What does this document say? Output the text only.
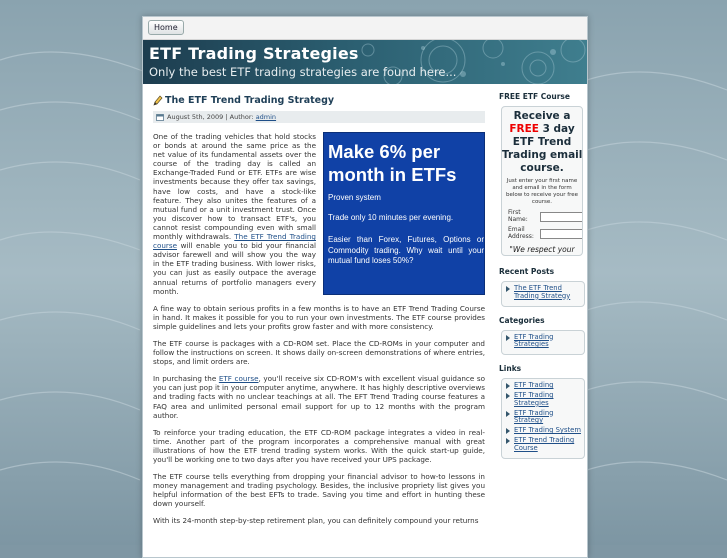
Home
ETF Trading Strategies
Only the best ETF trading strategies are found here...
The ETF Trend Trading Strategy
August 5th, 2009 | Author: admin
Make 6% per
month in ETFs
Proven system
Trade only 10 minutes per evening.
Easier than Forex, Futures, Options or Commodity trading. Why wait until your mutual fund loses 50%?

One of the trading vehicles that hold stocks or bonds at around the same price as the net value of its fundamental assets over the course of the trading day is called an Exchange-Traded Fund or ETF. ETFs are wise investments because they offer tax savings, have low costs, and have a stock-like feature. They also unites the features of a mutual fund or a unit investment trust. Once you discover how to transact ETF's, you cannot resist compounding even with small monthly withdrawals. The ETF Trend Trading course will enable you to bid your financial advisor farewell and will show you the way in the ETF trading business. With lower risks, you can just as easily outpace the average annual returns of portfolio managers every month.

A fine way to obtain serious profits in a few months is to have an ETF Trend Trading Course in hand. It makes it possible for you to run your own investments. The ETF course provides simple guidelines and lets your profits grow faster and with more consistency.

The ETF course is packages with a CD-ROM set. Place the CD-ROMs in your computer and follow the instructions on screen. It shows daily on-screen demonstrations of where entries, stops, and limit orders are.

In purchasing the ETF course, you'll receive six CD-ROM's with excellent visual guidance so you can just pop it in your computer anytime, anywhere. It has highly descriptive overviews and trading facts with no unclear teachings at all. The EFT Trend Trading course features a FAQ area and unlimited personal email support for up to 12 months with the program author.

To reinforce your trading education, the ETF CD-ROM package integrates a video in real-time. Another part of the program incorporates a comprehensive manual with great illustrations of how the ETF trend trading system works. With the quick start-up guide, you'll be working one to two days after you have received your UPS package.

The ETF course tells everything from dropping your financial advisor to how-to lessons in money management and trading psychology. Besides, the inclusive propriety list gives you helpful information of the best EFTs to trade. Saving you time and effort in hunting these down yourself.

With its 24-month step-by-step retirement plan, you can definitely compound your returns

FREE ETF Course
Receive a
FREE 3 day
ETF Trend
Trading email
course.
Just enter your first name
and email in the form
below to receive your free
course.
First
Name:
Email
Address:
"We respect your

Recent Posts
The ETF Trend Trading Strategy
Categories
ETF Trading Strategies
Links
ETF Trading
ETF Trading Strategies
ETF Trading Strategy
ETF Trading System
ETF Trend Trading Course
